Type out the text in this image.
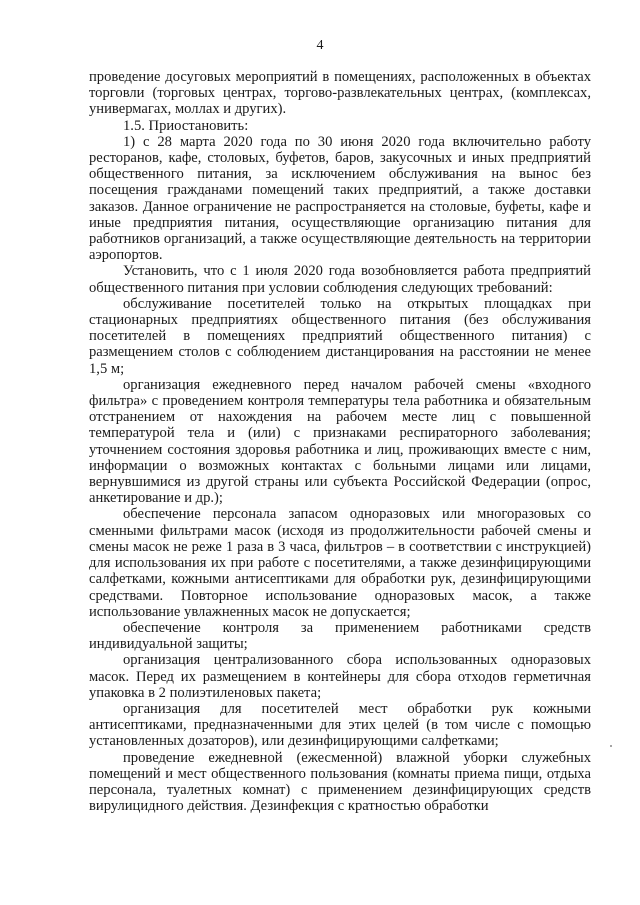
4

проведение досуговых мероприятий в помещениях, расположенных в объектах торговли (торговых центрах, торгово-развлекательных центрах, (комплексах, универмагах, моллах и других).

1.5. Приостановить:

1) с 28 марта 2020 года по 30 июня 2020 года включительно работу ресторанов, кафе, столовых, буфетов, баров, закусочных и иных предприятий общественного питания, за исключением обслуживания на вынос без посещения гражданами помещений таких предприятий, а также доставки заказов. Данное ограничение не распространяется на столовые, буфеты, кафе и иные предприятия питания, осуществляющие организацию питания для работников организаций, а также осуществляющие деятельность на территории аэропортов.

Установить, что с 1 июля 2020 года возобновляется работа предприятий общественного питания при условии соблюдения следующих требований:

обслуживание посетителей только на открытых площадках при стационарных предприятиях общественного питания (без обслуживания посетителей в помещениях предприятий общественного питания) с размещением столов с соблюдением дистанцирования на расстоянии не менее 1,5 м;

организация ежедневного перед началом рабочей смены «входного фильтра» с проведением контроля температуры тела работника и обязательным отстранением от нахождения на рабочем месте лиц с повышенной температурой тела и (или) с признаками респираторного заболевания; уточнением состояния здоровья работника и лиц, проживающих вместе с ним, информации о возможных контактах с больными лицами или лицами, вернувшимися из другой страны или субъекта Российской Федерации (опрос, анкетирование и др.);

обеспечение персонала запасом одноразовых или многоразовых со сменными фильтрами масок (исходя из продолжительности рабочей смены и смены масок не реже 1 раза в 3 часа, фильтров – в соответствии с инструкцией) для использования их при работе с посетителями, а также дезинфицирующими салфетками, кожными антисептиками для обработки рук, дезинфицирующими средствами. Повторное использование одноразовых масок, а также использование увлажненных масок не допускается;

обеспечение контроля за применением работниками средств индивидуальной защиты;

организация централизованного сбора использованных одноразовых масок. Перед их размещением в контейнеры для сбора отходов герметичная упаковка в 2 полиэтиленовых пакета;

организация для посетителей мест обработки рук кожными антисептиками, предназначенными для этих целей (в том числе с помощью установленных дозаторов), или дезинфицирующими салфетками;

проведение ежедневной (ежесменной) влажной уборки служебных помещений и мест общественного пользования (комнаты приема пищи, отдыха персонала, туалетных комнат) с применением дезинфицирующих средств вирулицидного действия. Дезинфекция с кратностью обработки
